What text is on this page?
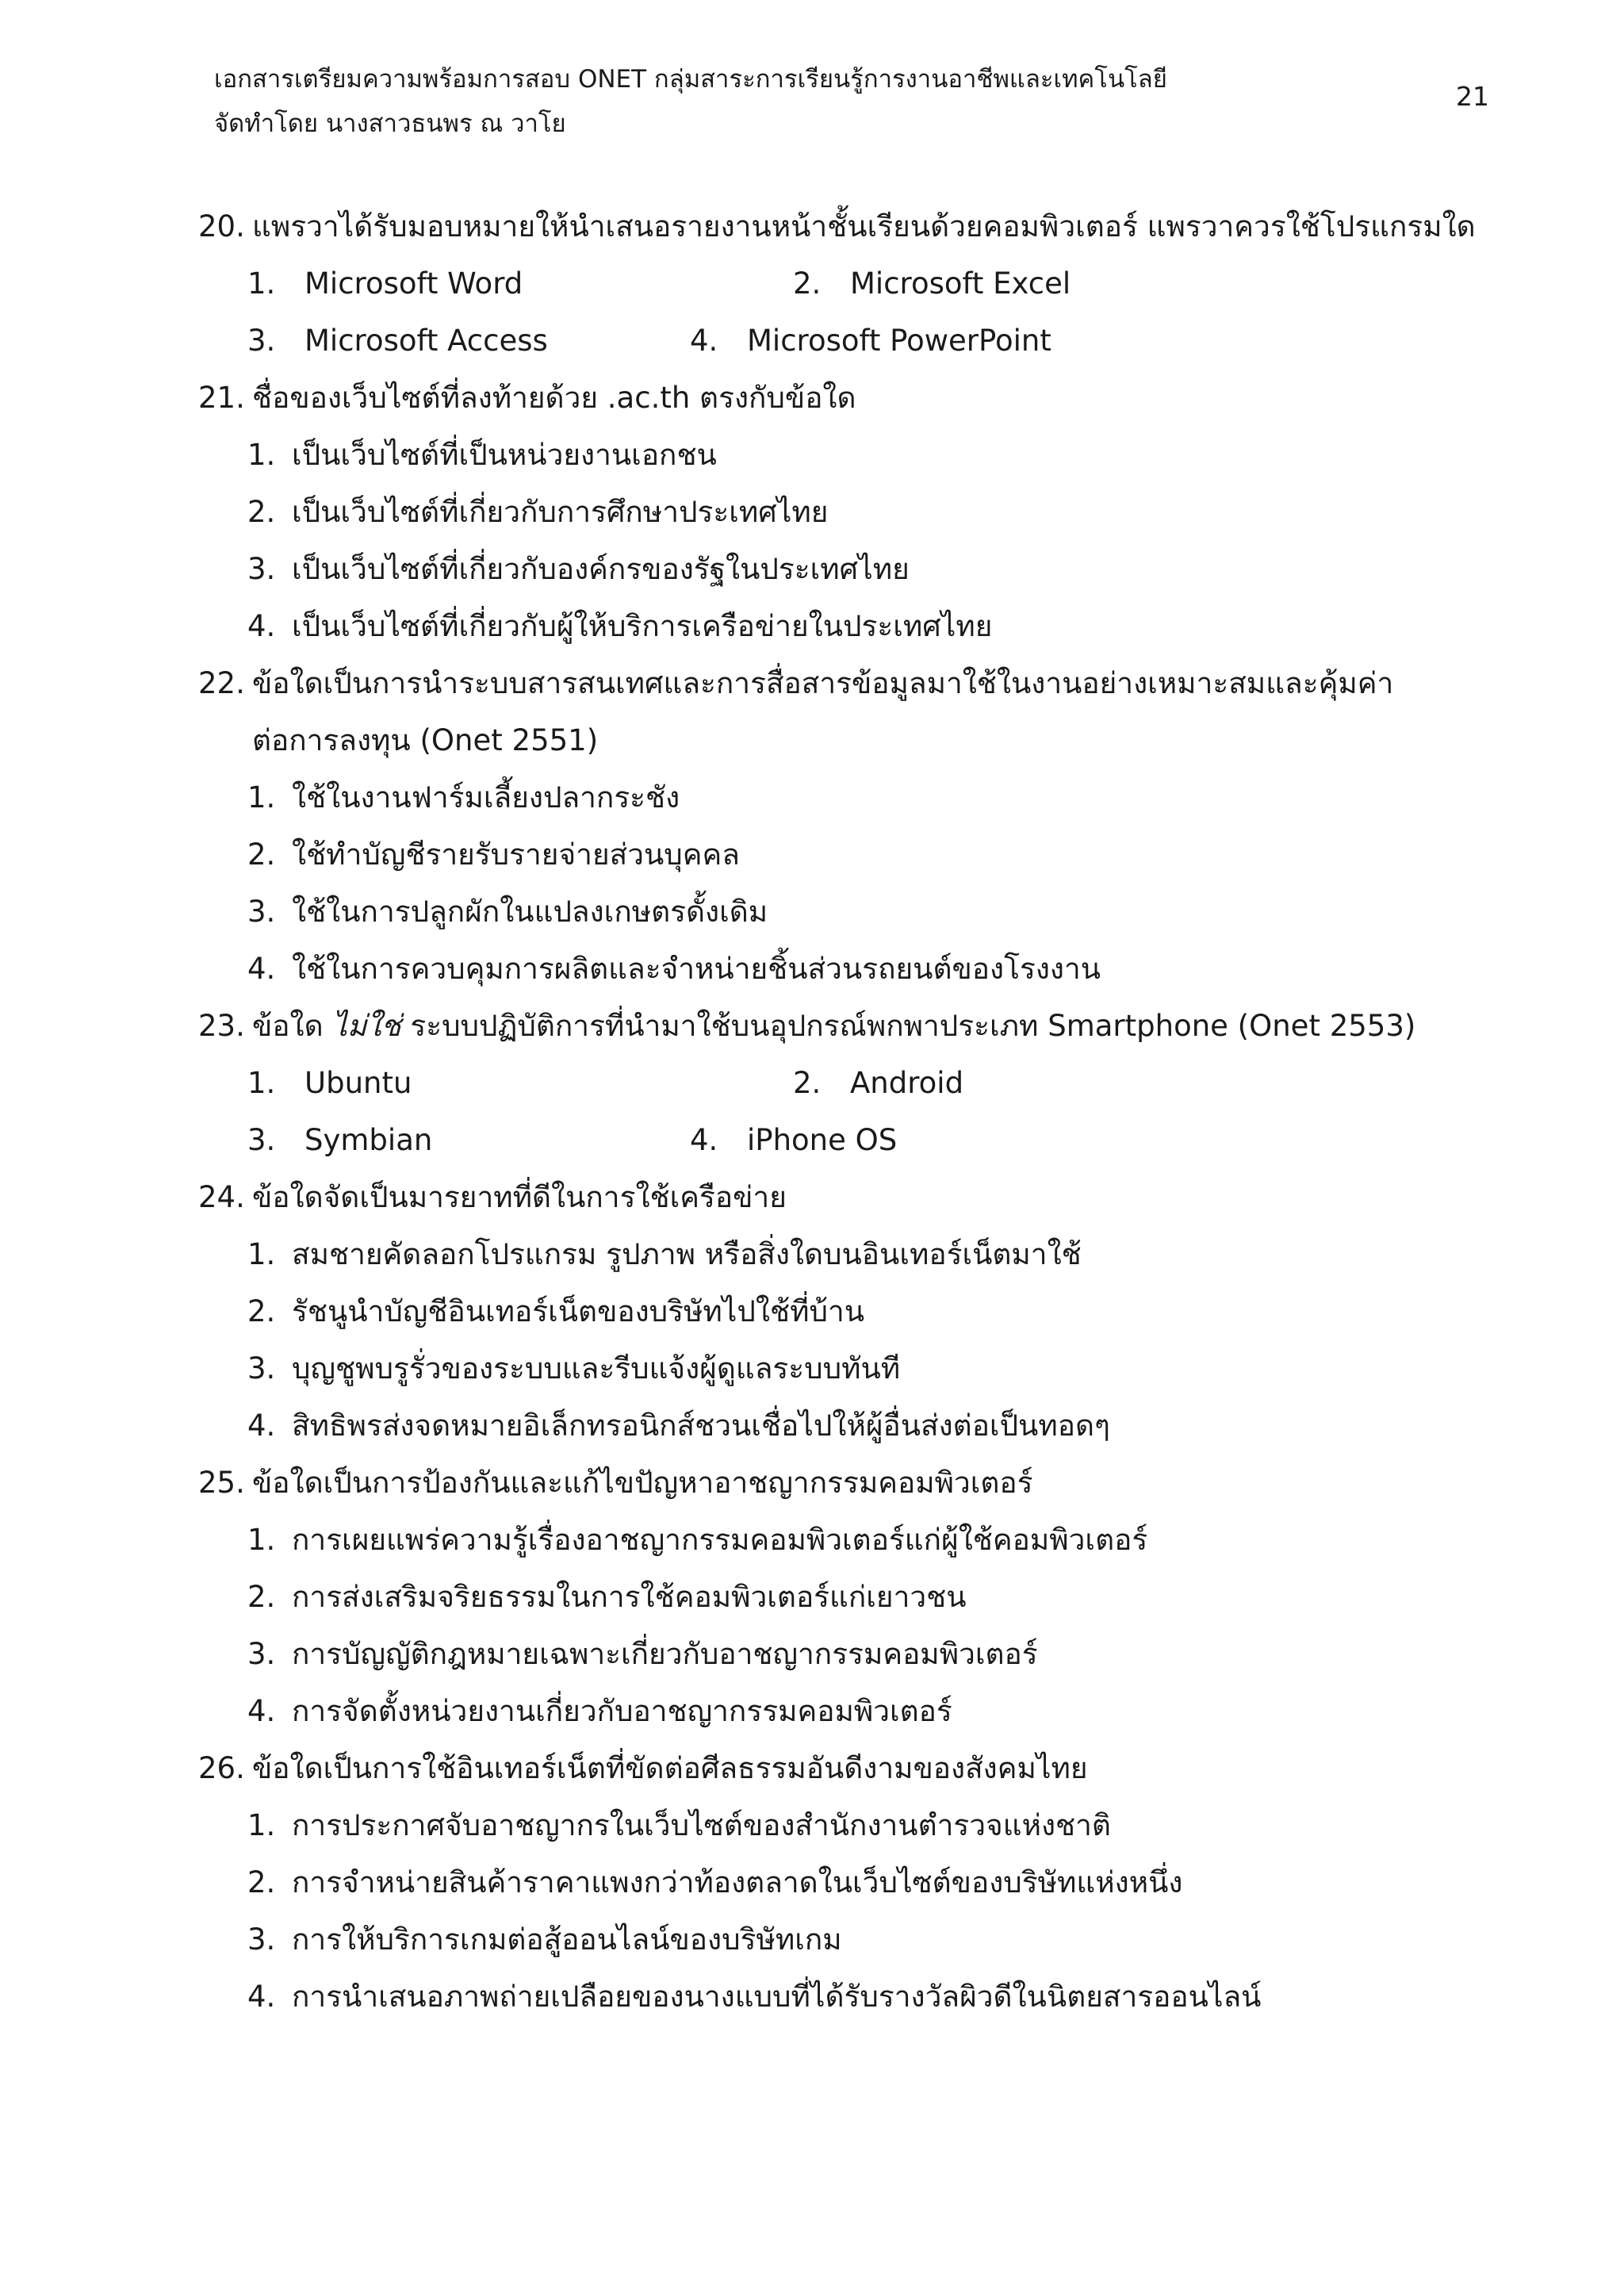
เอกสารเตรียมความพร้อมการสอบ ONET กลุ่มสาระการเรียนรู้การงานอาชีพและเทคโนโลยี
จัดทำโดย นางสาวธนพร ณ วาโย
21
20. แพรวาได้รับมอบหมายให้นำเสนอรายงานหน้าชั้นเรียนด้วยคอมพิวเตอร์ แพรวาควรใช้โปรแกรมใด
1. Microsoft Word	2. Microsoft Excel
3. Microsoft Access	4. Microsoft PowerPoint
21. ชื่อของเว็บไซต์ที่ลงท้ายด้วย .ac.th ตรงกับข้อใด
1. เป็นเว็บไซต์ที่เป็นหน่วยงานเอกชน
2. เป็นเว็บไซต์ที่เกี่ยวกับการศึกษาประเทศไทย
3. เป็นเว็บไซต์ที่เกี่ยวกับองค์กรของรัฐในประเทศไทย
4. เป็นเว็บไซต์ที่เกี่ยวกับผู้ให้บริการเครือข่ายในประเทศไทย
22. ข้อใดเป็นการนำระบบสารสนเทศและการสื่อสารข้อมูลมาใช้ในงานอย่างเหมาะสมและคุ้มค่า
ต่อการลงทุน (Onet 2551)
1. ใช้ในงานฟาร์มเลี้ยงปลากระชัง
2. ใช้ทำบัญชีรายรับรายจ่ายส่วนบุคคล
3. ใช้ในการปลูกผักในแปลงเกษตรดั้งเดิม
4. ใช้ในการควบคุมการผลิตและจำหน่ายชิ้นส่วนรถยนต์ของโรงงาน
23. ข้อใด ไม่ใช่ ระบบปฏิบัติการที่นำมาใช้บนอุปกรณ์พกพาประเภท Smartphone (Onet 2553)
1. Ubuntu	2. Android
3. Symbian	4. iPhone OS
24. ข้อใดจัดเป็นมารยาทที่ดีในการใช้เครือข่าย
1. สมชายคัดลอกโปรแกรม รูปภาพ หรือสิ่งใดบนอินเทอร์เน็ตมาใช้
2. รัชนูนำบัญชีอินเทอร์เน็ตของบริษัทไปใช้ที่บ้าน
3. บุญชูพบรูรั่วของระบบและรีบแจ้งผู้ดูแลระบบทันที
4. สิทธิพรส่งจดหมายอิเล็กทรอนิกส์ชวนเชื่อไปให้ผู้อื่นส่งต่อเป็นทอดๆ
25. ข้อใดเป็นการป้องกันและแก้ไขปัญหาอาชญากรรมคอมพิวเตอร์
1. การเผยแพร่ความรู้เรื่องอาชญากรรมคอมพิวเตอร์แก่ผู้ใช้คอมพิวเตอร์
2. การส่งเสริมจริยธรรมในการใช้คอมพิวเตอร์แก่เยาวชน
3. การบัญญัติกฎหมายเฉพาะเกี่ยวกับอาชญากรรมคอมพิวเตอร์
4. การจัดตั้งหน่วยงานเกี่ยวกับอาชญากรรมคอมพิวเตอร์
26. ข้อใดเป็นการใช้อินเทอร์เน็ตที่ขัดต่อศีลธรรมอันดีงามของสังคมไทย
1. การประกาศจับอาชญากรในเว็บไซต์ของสำนักงานตำรวจแห่งชาติ
2. การจำหน่ายสินค้าราคาแพงกว่าท้องตลาดในเว็บไซต์ของบริษัทแห่งหนึ่ง
3. การให้บริการเกมต่อสู้ออนไลน์ของบริษัทเกม
4. การนำเสนอภาพถ่ายเปลือยของนางแบบที่ได้รับรางวัลผิวดีในนิตยสารออนไลน์
